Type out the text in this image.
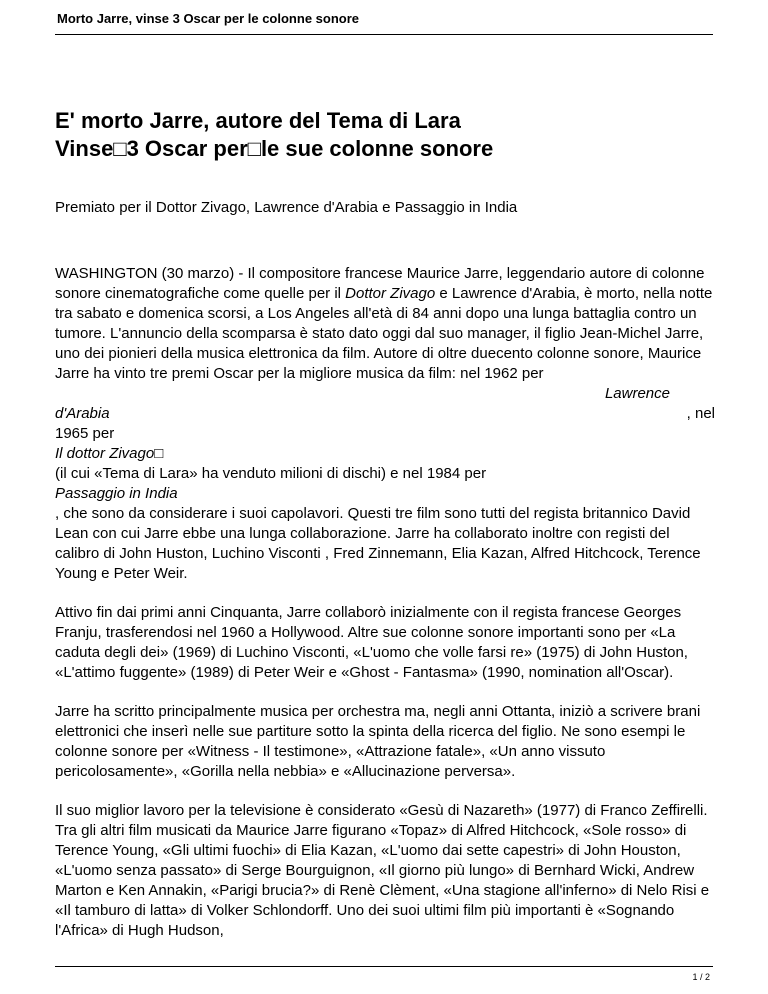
Morto Jarre, vinse 3 Oscar per le colonne sonore
E' morto Jarre, autore del Tema di Lara
Vinse□3 Oscar per□le sue colonne sonore
Premiato per il Dottor Zivago, Lawrence d'Arabia e Passaggio in India

WASHINGTON (30 marzo) - Il compositore francese Maurice Jarre, leggendario autore di colonne sonore cinematografiche come quelle per il Dottor Zivago e Lawrence d'Arabia, è morto, nella notte tra sabato e domenica scorsi, a Los Angeles all'età di 84 anni dopo una lunga battaglia contro un tumore. L'annuncio della scomparsa è stato dato oggi dal suo manager, il figlio Jean-Michel Jarre, uno dei pionieri della musica elettronica da film. Autore di oltre duecento colonne sonore, Maurice Jarre ha vinto tre premi Oscar per la migliore musica da film: nel 1962 per
Lawrence
d'Arabia	, nel
1965 per
Il dottor Zivago□
(il cui «Tema di Lara» ha venduto milioni di dischi) e nel 1984 per
Passaggio in India
, che sono da considerare i suoi capolavori. Questi tre film sono tutti del regista britannico David Lean con cui Jarre ebbe una lunga collaborazione. Jarre ha collaborato inoltre con registi del calibro di John Huston, Luchino Visconti , Fred Zinnemann, Elia Kazan, Alfred Hitchcock, Terence Young e Peter Weir.

Attivo fin dai primi anni Cinquanta, Jarre collaborò inizialmente con il regista francese Georges Franju, trasferendosi nel 1960 a Hollywood. Altre sue colonne sonore importanti sono per «La caduta degli dei» (1969) di Luchino Visconti, «L'uomo che volle farsi re» (1975) di John Huston, «L'attimo fuggente» (1989) di Peter Weir e «Ghost - Fantasma» (1990, nomination all'Oscar).

Jarre ha scritto principalmente musica per orchestra ma, negli anni Ottanta, iniziò a scrivere brani elettronici che inserì nelle sue partiture sotto la spinta della ricerca del figlio. Ne sono esempi le colonne sonore per «Witness - Il testimone», «Attrazione fatale», «Un anno vissuto pericolosamente», «Gorilla nella nebbia» e «Allucinazione perversa».

Il suo miglior lavoro per la televisione è considerato «Gesù di Nazareth» (1977) di Franco Zeffirelli. Tra gli altri film musicati da Maurice Jarre figurano «Topaz» di Alfred Hitchcock, «Sole rosso» di Terence Young, «Gli ultimi fuochi» di Elia Kazan, «L'uomo dai sette capestri» di John Houston, «L'uomo senza passato» di Serge Bourguignon, «Il giorno più lungo» di Bernhard Wicki, Andrew Marton e Ken Annakin, «Parigi brucia?» di Renè Clèment, «Una stagione all'inferno» di Nelo Risi e «Il tamburo di latta» di Volker Schlondorff. Uno dei suoi ultimi film più importanti è «Sognando l'Africa» di Hugh Hudson,

1 / 2
